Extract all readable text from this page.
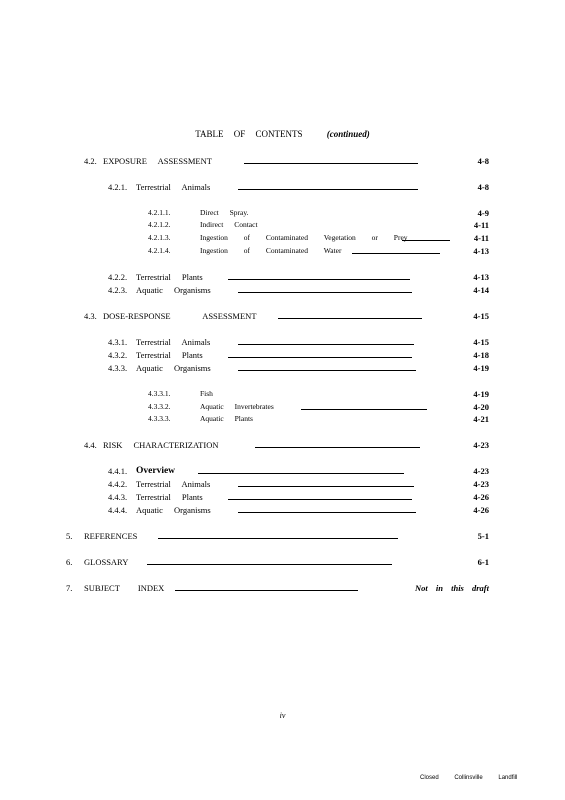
TABLE OF CONTENTS	(continued)
4.2. EXPOSURE ASSESSMENT	4-8
4.2.1. Terrestrial Animals	4-8
4.2.1.1.	Direct Spray.	4-9
4.2.1.2.	Indirect Contact	4-11
4.2.1.3.	Ingestion of Contaminated Vegetation or Prey	4-11
4.2.1.4.	Ingestion of Contaminated Water	4-13
4.2.2. Terrestrial Plants	4-13
4.2.3. Aquatic Organisms	4-14
4.3. DOSE-RESPONSE ASSESSMENT	4-15
4.3.1. Terrestrial Animals	4-15
4.3.2. Terrestrial Plants	4-18
4.3.3. Aquatic Organisms	4-19
4.3.3.1.	Fish	4-19
4.3.3.2.	Aquatic Invertebrates	4-20
4.3.3.3.	Aquatic Plants	4-21
4.4. RISK CHARACTERIZATION	4-23
4.4.1. Overview	4-23
4.4.2. Terrestrial Animals	4-23
4.4.3. Terrestrial Plants	4-26
4.4.4. Aquatic Organisms	4-26
5. REFERENCES	5-1
6. GLOSSARY	6-1
7. SUBJECT INDEX	Not in this draft
iv
Closed Collinsville Landfill
